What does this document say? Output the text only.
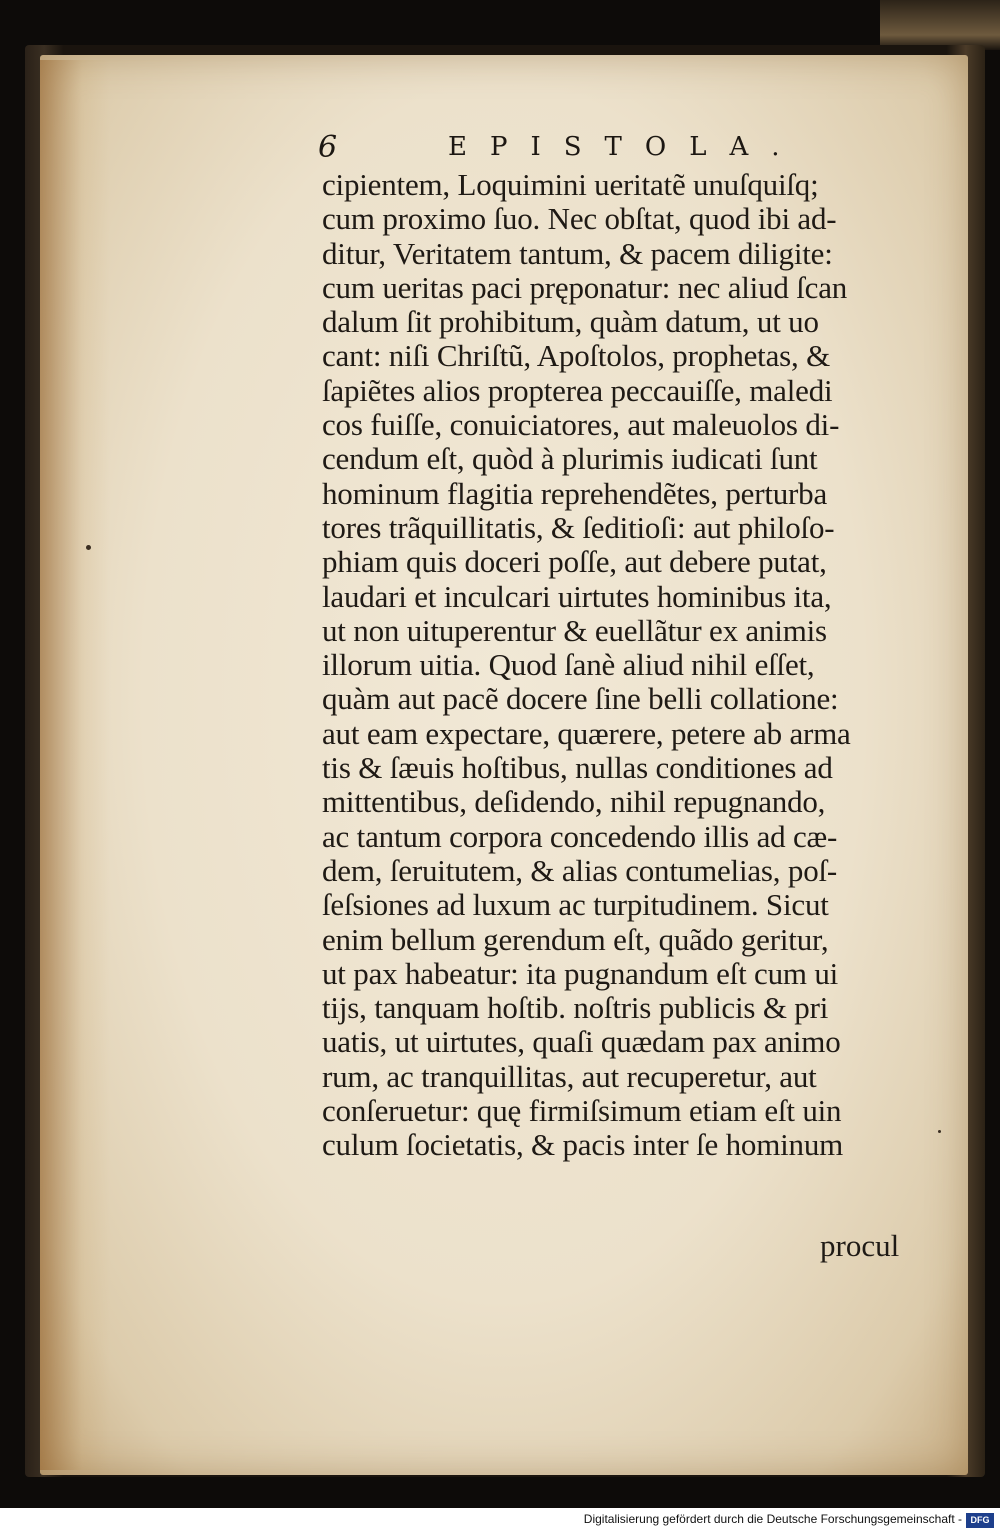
6	EPISTOLA.
cipientem, Loquimini ueritatẽ unuſquiſq;
cum proximo ſuo. Nec obſtat, quod ibi ad-
ditur, Veritatem tantum, & pacem diligite:
cum ueritas paci pręponatur: nec aliud ſcan
dalum ſit prohibitum, quàm datum, ut uo
cant: niſi Chriſtũ, Apoſtolos, prophetas, &
ſapiẽtes alios propterea peccauiſſe, maledi
cos fuiſſe, conuiciatores, aut maleuolos di-
cendum eſt, quòd à plurimis iudicati ſunt
hominum flagitia reprehendẽtes, perturba
tores trãquillitatis, & ſeditioſi: aut philoſo-
phiam quis doceri poſſe, aut debere putat,
laudari et inculcari uirtutes hominibus ita,
ut non uituperentur & euellãtur ex animis
illorum uitia. Quod ſanè aliud nihil eſſet,
quàm aut pacẽ docere ſine belli collatione:
aut eam expectare, quærere, petere ab arma
tis & ſæuis hoſtibus, nullas conditiones ad
mittentibus, deſidendo, nihil repugnando,
ac tantum corpora concedendo illis ad cæ-
dem, ſeruitutem, & alias contumelias, poſ-
ſeſsiones ad luxum ac turpitudinem. Sicut
enim bellum gerendum eſt, quãdo geritur,
ut pax habeatur: ita pugnandum eſt cum ui
tijs, tanquam hoſtib. noſtris publicis & pri
uatis, ut uirtutes, quaſi quædam pax animo
rum, ac tranquillitas, aut recuperetur, aut
conſeruetur: quę firmiſsimum etiam eſt uin
culum ſocietatis, & pacis inter ſe hominum
procul
Digitalisierung gefördert durch die Deutsche Forschungsgemeinschaft - DFG
